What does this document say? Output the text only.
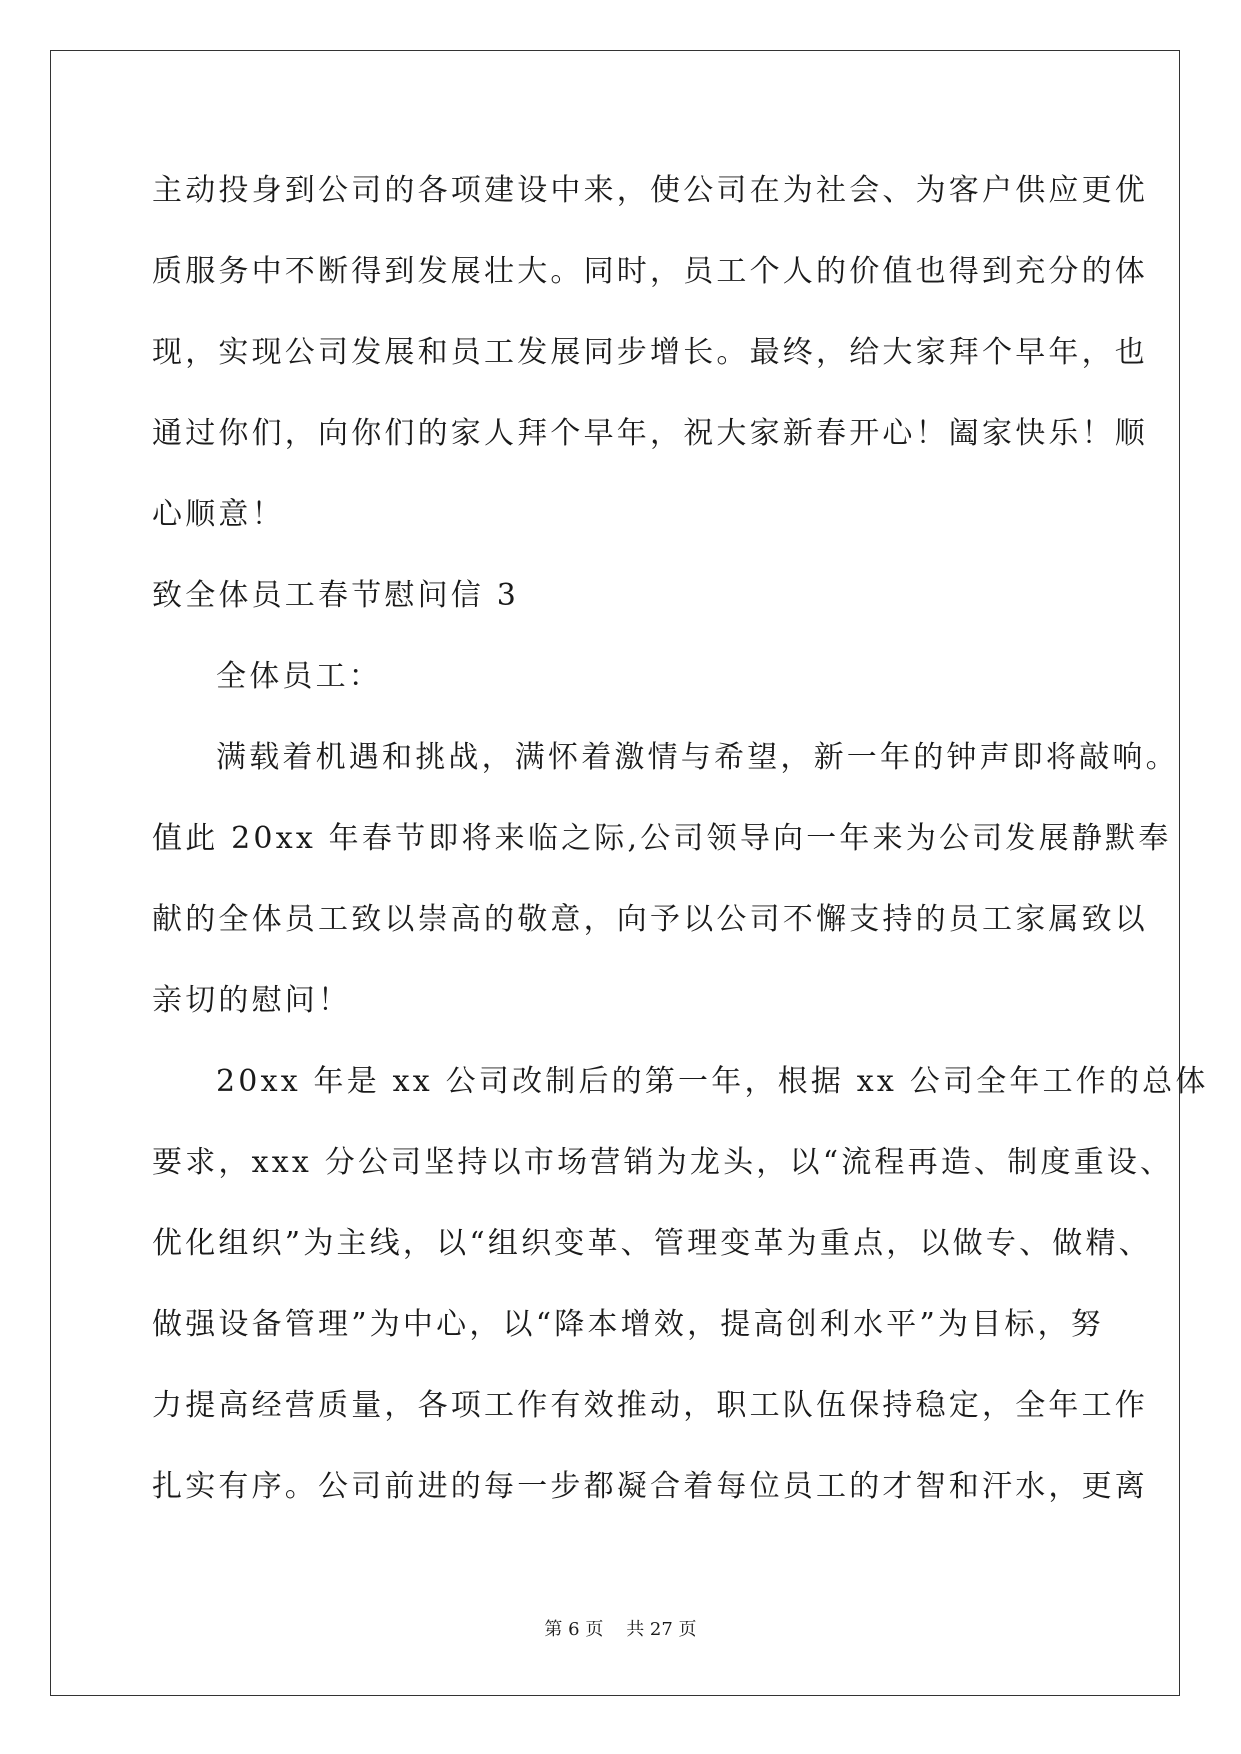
主动投身到公司的各项建设中来，使公司在为社会、为客户供应更优
质服务中不断得到发展壮大。同时，员工个人的价值也得到充分的体
现，实现公司发展和员工发展同步增长。最终，给大家拜个早年，也
通过你们，向你们的家人拜个早年，祝大家新春开心！阖家快乐！顺
心顺意！
致全体员工春节慰问信 3
全体员工：
满载着机遇和挑战，满怀着激情与希望，新一年的钟声即将敲响。
值此 20xx 年春节即将来临之际,公司领导向一年来为公司发展静默奉
献的全体员工致以崇高的敬意，向予以公司不懈支持的员工家属致以
亲切的慰问！
20xx 年是 xx 公司改制后的第一年，根据 xx 公司全年工作的总体
要求，xxx 分公司坚持以市场营销为龙头，以“流程再造、制度重设、
优化组织”为主线，以“组织变革、管理变革为重点，以做专、做精、
做强设备管理”为中心，以“降本增效，提高创利水平”为目标，努
力提高经营质量，各项工作有效推动，职工队伍保持稳定，全年工作
扎实有序。公司前进的每一步都凝合着每位员工的才智和汗水，更离
第 6 页    共 27 页
